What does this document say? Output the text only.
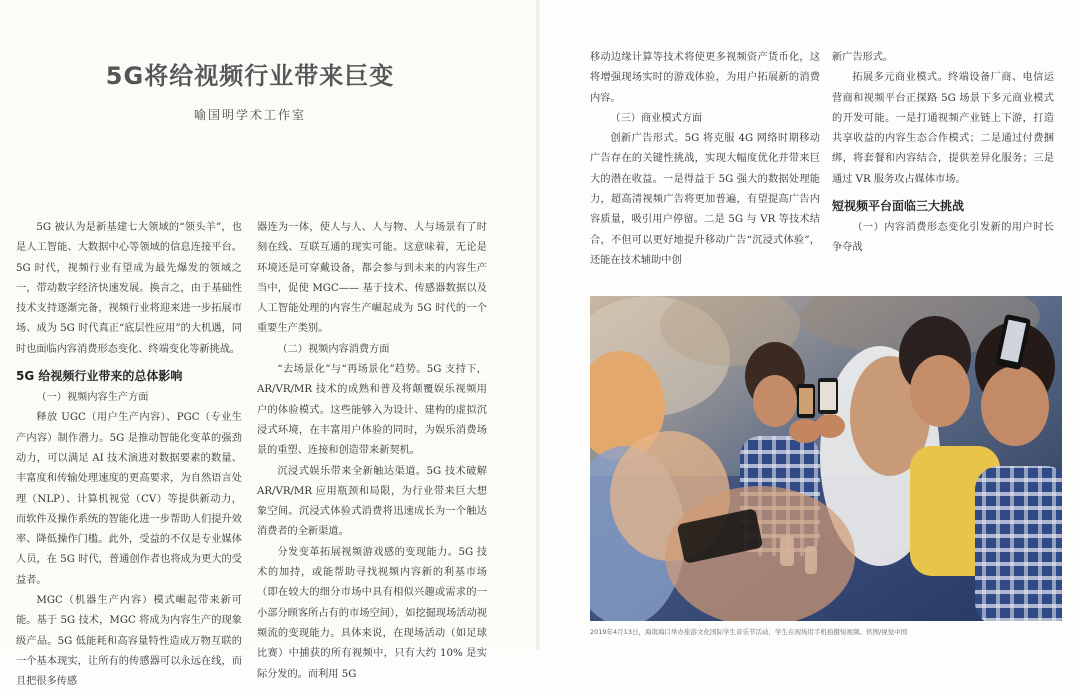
5G将给视频行业带来巨变
喻国明学术工作室

5G 被认为是新基建七大领域的“领头羊”，也是人工智能、大数据中心等领域的信息连接平台。5G 时代，视频行业有望成为最先爆发的领域之一，带动数字经济快速发展。换言之，由于基础性技术支持逐渐完备，视频行业将迎来进一步拓展市场、成为 5G 时代真正“底层性应用”的大机遇，同时也面临内容消费形态变化、终端变化等新挑战。

5G 给视频行业带来的总体影响

（一）视频内容生产方面

释放 UGC（用户生产内容）、PGC（专业生产内容）制作潜力。5G 是推动智能化变革的强劲动力，可以满足 AI 技术演进对数据要素的数量、丰富度和传输处理速度的更高要求，为自然语言处理（NLP）、计算机视觉（CV）等提供新动力，而软件及操作系统的智能化进一步帮助人们提升效率、降低操作门槛。此外，受益的不仅是专业媒体人员，在 5G 时代，普通创作者也将成为更大的受益者。

MGC（机器生产内容）模式崛起带来新可能。基于 5G 技术，MGC 将成为内容生产的现象级产品。5G 低能耗和高容量特性造成万物互联的一个基本现实，让所有的传感器可以永远在线，而且把很多传感

器连为一体，使人与人、人与物、人与场景有了时刻在线、互联互通的现实可能。这意味着，无论是环境还是可穿戴设备，都会参与到未来的内容生产当中，促使 MGC—— 基于技术、传感器数据以及人工智能处理的内容生产崛起成为 5G 时代的一个重要生产类别。

（二）视频内容消费方面

“去场景化”与“再场景化”趋势。5G 支持下，AR/VR/MR 技术的成熟和普及将颠覆娱乐视频用户的体验模式。这些能够入为设计、建构的虚拟沉浸式环境，在丰富用户体验的同时，为娱乐消费场景的重塑、连接和创造带来新契机。

沉浸式娱乐带来全新触达渠道。5G 技术破解 AR/VR/MR 应用瓶颈和局限，为行业带来巨大想象空间。沉浸式体验式消费将迅速成长为一个触达消费者的全新渠道。

分发变革拓展视频游戏感的变现能力。5G 技术的加持，或能帮助寻找视频内容新的利基市场（即在较大的细分市场中具有相似兴趣或需求的一小部分顾客所占有的市场空间），如挖掘现场活动视频流的变现能力。具体来说，在现场活动（如足球比赛）中捕获的所有视频中，只有大约 10% 是实际分发的。而利用 5G

移动边缘计算等技术将使更多视频资产货币化，这将增强现场实时的游戏体验，为用户拓展新的消费内容。

（三）商业模式方面

创新广告形式。5G 将克服 4G 网络时期移动广告存在的关键性挑战，实现大幅度优化并带来巨大的潜在收益。一是得益于 5G 强大的数据处理能力，超高清视频广告将更加普遍，有望提高广告内容质量，吸引用户停留。二是 5G 与 VR 等技术结合，不但可以更好地提升移动广告“沉浸式体验”，还能在技术辅助中创

新广告形式。

拓展多元商业模式。终端设备厂商、电信运营商和视频平台正探路 5G 场景下多元商业模式的开发可能。一是打通视频产业链上下游，打造共享收益的内容生态合作模式；二是通过付费捆绑，将套餐和内容结合，提供差异化服务；三是通过 VR 服务攻占媒体市场。

短视频平台面临三大挑战

（一）内容消费形态变化引发新的用户时长争夺战

2019年4月13日，海南海口举办旅游文化国际学生音乐节活动，学生在现场用手机拍摄短视频。供图/视觉中国
